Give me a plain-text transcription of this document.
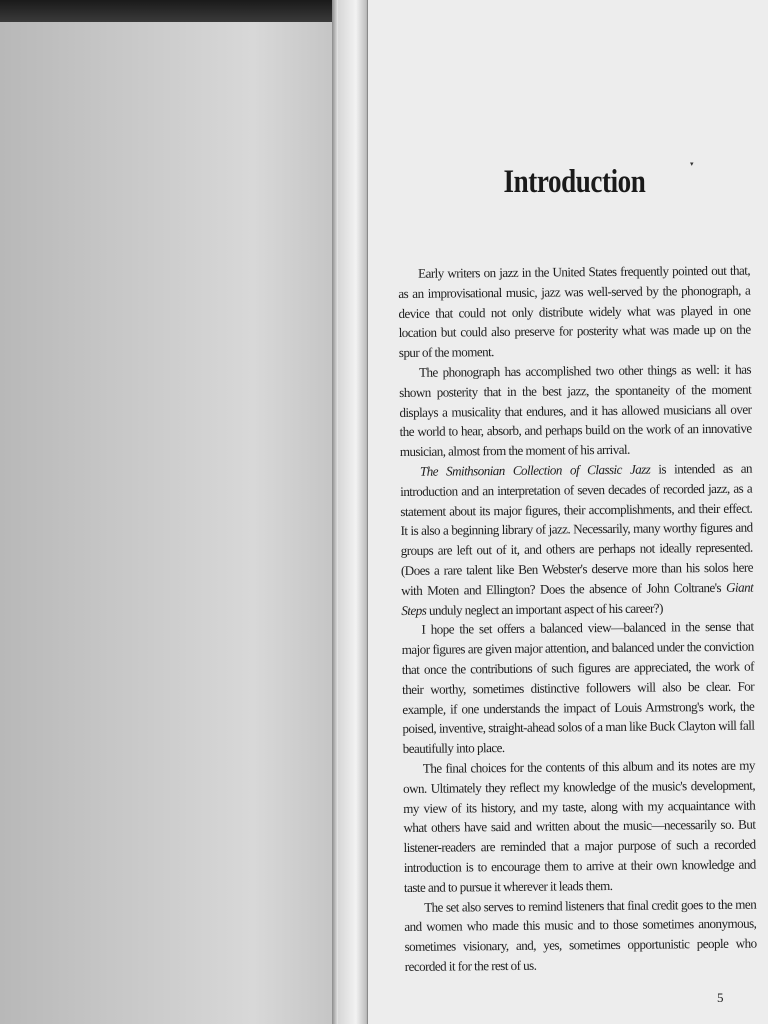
▾
Introduction

Early writers on jazz in the United States frequently pointed out that, as an improvisational music, jazz was well-served by the phonograph, a device that could not only distribute widely what was played in one location but could also preserve for posterity what was made up on the spur of the moment.

The phonograph has accomplished two other things as well: it has shown posterity that in the best jazz, the spontaneity of the moment displays a musicality that endures, and it has allowed musicians all over the world to hear, absorb, and perhaps build on the work of an innovative musician, almost from the moment of his arrival.

The Smithsonian Collection of Classic Jazz is intended as an introduction and an interpretation of seven decades of recorded jazz, as a statement about its major figures, their accomplishments, and their effect. It is also a beginning library of jazz. Necessarily, many worthy figures and groups are left out of it, and others are perhaps not ideally represented. (Does a rare talent like Ben Webster's deserve more than his solos here with Moten and Ellington? Does the absence of John Coltrane's Giant Steps unduly neglect an important aspect of his career?)

I hope the set offers a balanced view—balanced in the sense that major figures are given major attention, and balanced under the conviction that once the contributions of such figures are appreciated, the work of their worthy, sometimes distinctive followers will also be clear. For example, if one understands the impact of Louis Armstrong's work, the poised, inventive, straight-ahead solos of a man like Buck Clayton will fall beautifully into place.

The final choices for the contents of this album and its notes are my own. Ultimately they reflect my knowledge of the music's development, my view of its history, and my taste, along with my acquaintance with what others have said and written about the music—necessarily so. But listener-readers are reminded that a major purpose of such a recorded introduction is to encourage them to arrive at their own knowledge and taste and to pursue it wherever it leads them.

The set also serves to remind listeners that final credit goes to the men and women who made this music and to those sometimes anonymous, sometimes visionary, and, yes, sometimes opportunistic people who recorded it for the rest of us.

5
